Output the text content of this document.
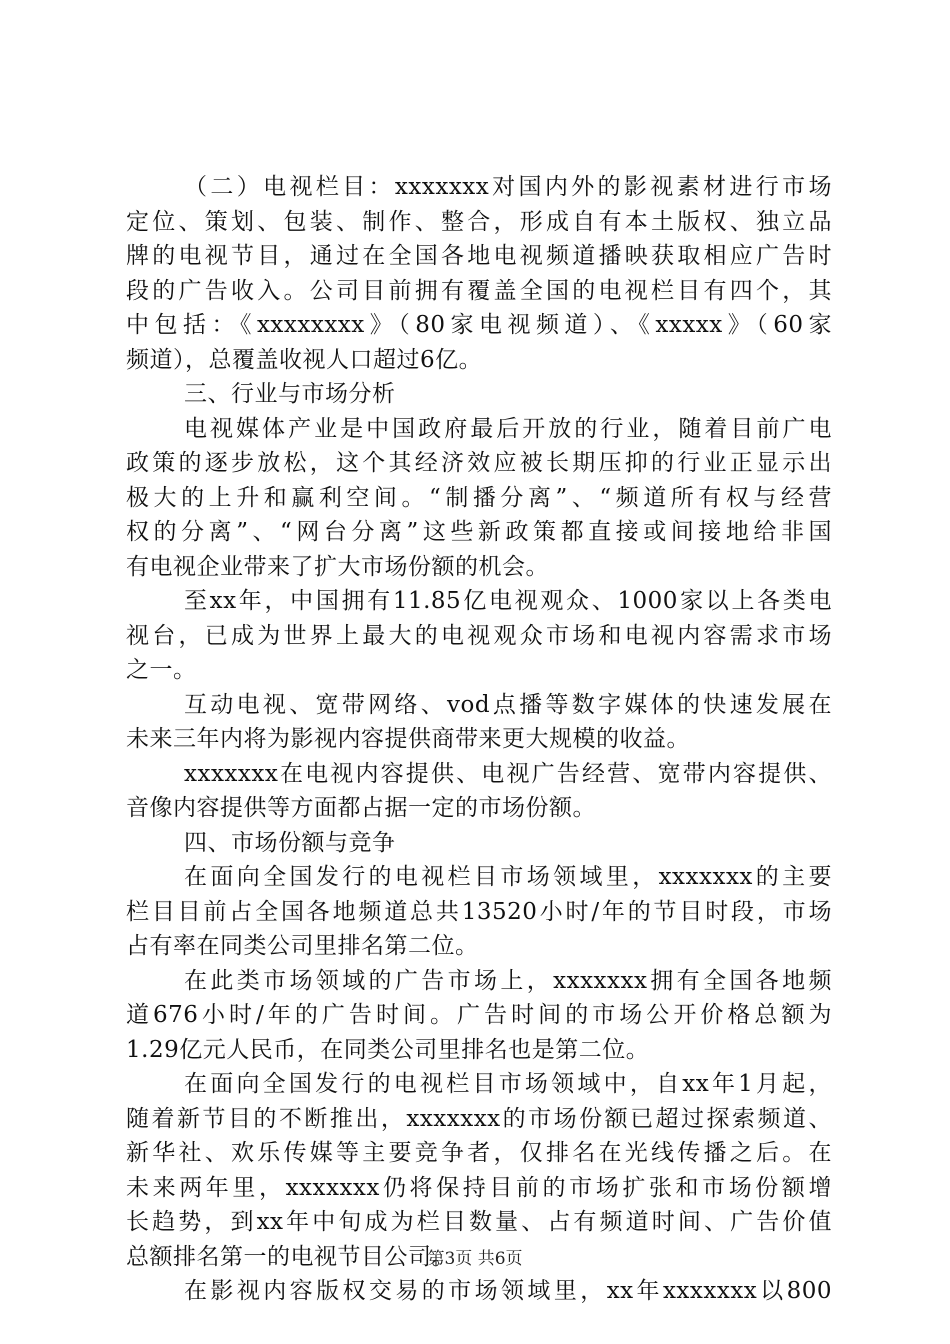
（二）电视栏目：xxxxxxx对国内外的影视素材进行市场
定位、策划、包装、制作、整合，形成自有本土版权、独立品
牌的电视节目，通过在全国各地电视频道播映获取相应广告时
段的广告收入。公司目前拥有覆盖全国的电视栏目有四个，其
中包括：《xxxxxxxx》（80家电视频道）、《xxxxx》（60家
频道），总覆盖收视人口超过6亿。
三、行业与市场分析
电视媒体产业是中国政府最后开放的行业，随着目前广电
政策的逐步放松，这个其经济效应被长期压抑的行业正显示出
极大的上升和赢利空间。“制播分离”、“频道所有权与经营
权的分离”、“网台分离”这些新政策都直接或间接地给非国
有电视企业带来了扩大市场份额的机会。
至xx年，中国拥有11.85亿电视观众、1000家以上各类电
视台，已成为世界上最大的电视观众市场和电视内容需求市场
之一。
互动电视、宽带网络、vod点播等数字媒体的快速发展在
未来三年内将为影视内容提供商带来更大规模的收益。
xxxxxxx在电视内容提供、电视广告经营、宽带内容提供、
音像内容提供等方面都占据一定的市场份额。
四、市场份额与竞争
在面向全国发行的电视栏目市场领域里，xxxxxxx的主要
栏目目前占全国各地频道总共13520小时/年的节目时段，市场
占有率在同类公司里排名第二位。
在此类市场领域的广告市场上，xxxxxxx拥有全国各地频
道676小时/年的广告时间。广告时间的市场公开价格总额为
1.29亿元人民币，在同类公司里排名也是第二位。
在面向全国发行的电视栏目市场领域中，自xx年1月起，
随着新节目的不断推出，xxxxxxx的市场份额已超过探索频道、
新华社、欢乐传媒等主要竞争者，仅排名在光线传播之后。在
未来两年里，xxxxxxx仍将保持目前的市场扩张和市场份额增
长趋势，到xx年中旬成为栏目数量、占有频道时间、广告价值
总额排名第一的电视节目公司。
在影视内容版权交易的市场领域里，xx年xxxxxxx以800
第3页 共6页
